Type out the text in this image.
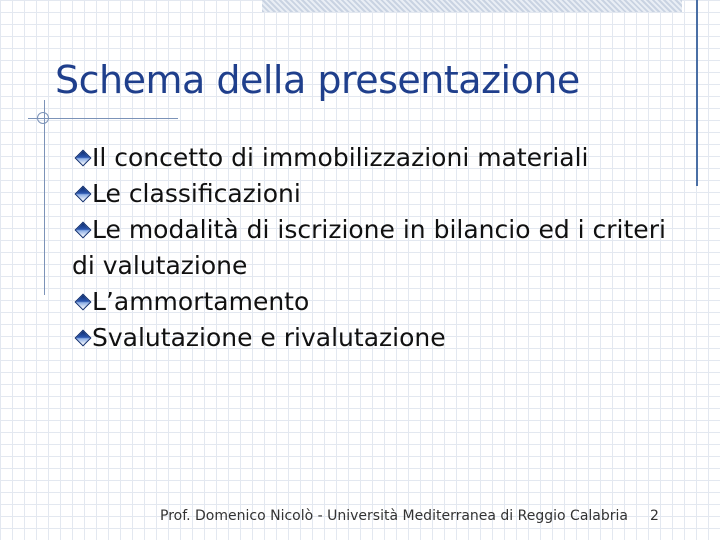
Schema della presentazione
Il concetto di immobilizzazioni materiali
Le classificazioni
Le modalità di iscrizione in bilancio ed i criteri di valutazione
L’ammortamento
Svalutazione e rivalutazione
Prof. Domenico Nicolò - Università Mediterranea di Reggio Calabria 2
